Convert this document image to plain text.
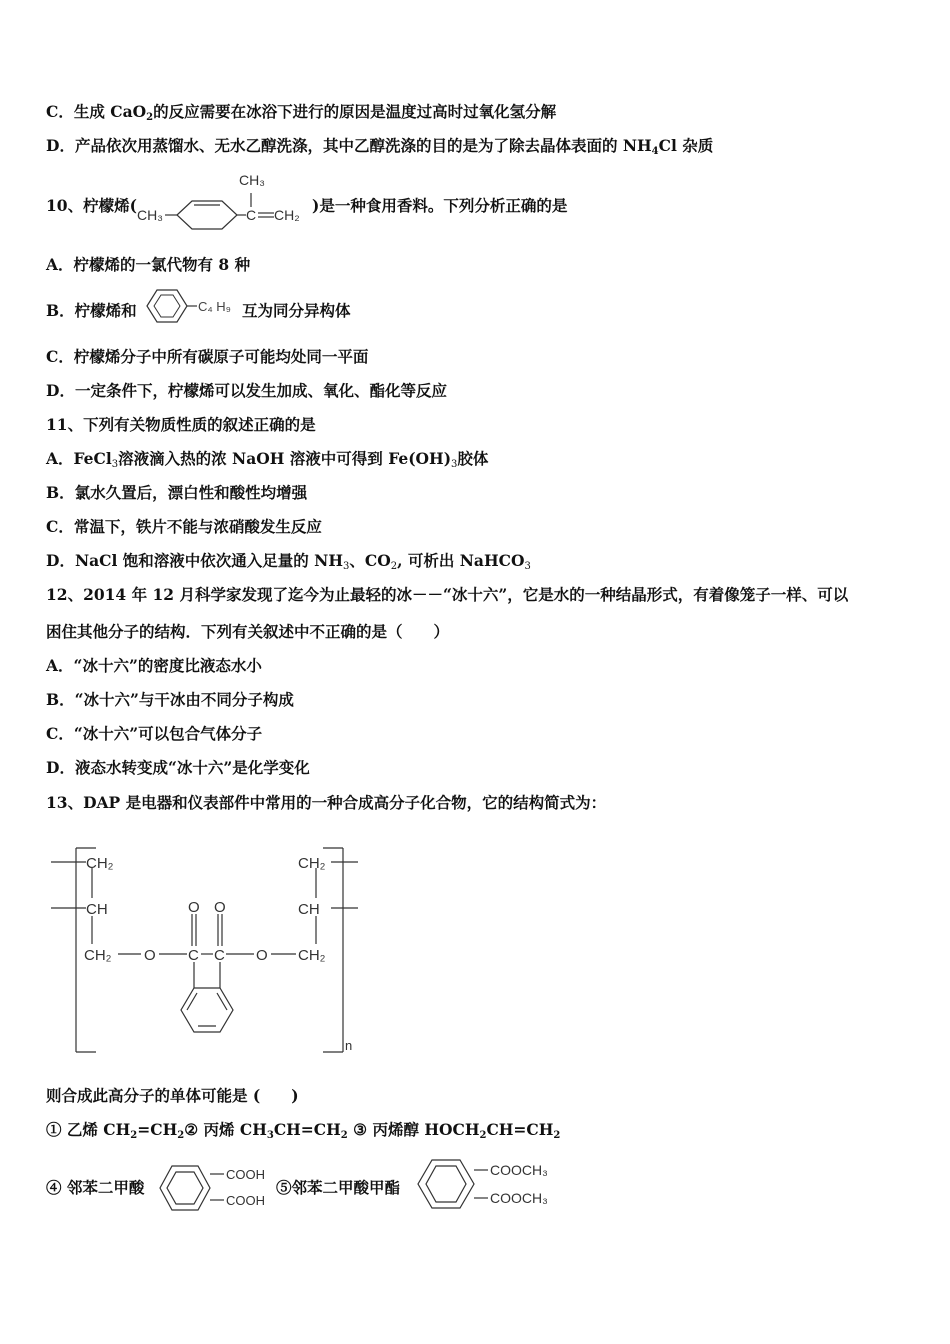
C．生成 CaO$_2$的反应需要在冰浴下进行的原因是温度过高时过氧化氢分解
D．产品依次用蒸馏水、无水乙醇洗涤，其中乙醇洗涤的目的是为了除去晶体表面的 $NH_4Cl$ 杂质
10、柠檬烯( CH₃	C
CH₃
CH₂ )是一种食用香料。下列分析正确的是
A．柠檬烯的一氯代物有 8 种
B．柠檬烯和	C₄ H₉ 互为同分异构体
C．柠檬烯分子中所有碳原子可能均处同一平面
D．一定条件下，柠檬烯可以发生加成、氧化、酯化等反应
11、下列有关物质性质的叙述正确的是
A．FeCl$_3$溶液滴入热的浓 NaOH 溶液中可得到 $Fe(OH)_3$胶体
B．氯水久置后，漂白性和酸性均增强
C．常温下，铁片不能与浓硝酸发生反应
D．NaCl 饱和溶液中依次通入足量的 $NH_3$、$CO_2$, 可析出 NaHCO$_3$
12、2014 年 12 月科学家发现了迄今为止最轻的冰－－“冰十六”，它是水的一种结晶形式，有着像笼子一样、可以
困住其他分子的结构．下列有关叙述中不正确的是（　　）
A．“冰十六”的密度比液态水小
B．“冰十六”与干冰由不同分子构成
C．“冰十六”可以包合气体分子
D．液态水转变成“冰十六”是化学变化
13、DAP 是电器和仪表部件中常用的一种合成高分子化合物，它的结构简式为：
CH₂
CH
CH₂ O
O O
C C O CH₂
CH
CH₂
n
则合成此高分子的单体可能是 (　　)
① 乙烯 $CH_2=CH_2②$ 丙烯 $CH_3CH=CH_2$ ③ 丙烯醇 $HOCH_2CH=CH_2$
④ 邻苯二甲酸
COOH
COOH
⑤邻苯二甲酸甲酯
COOCH₃
COOCH₃
